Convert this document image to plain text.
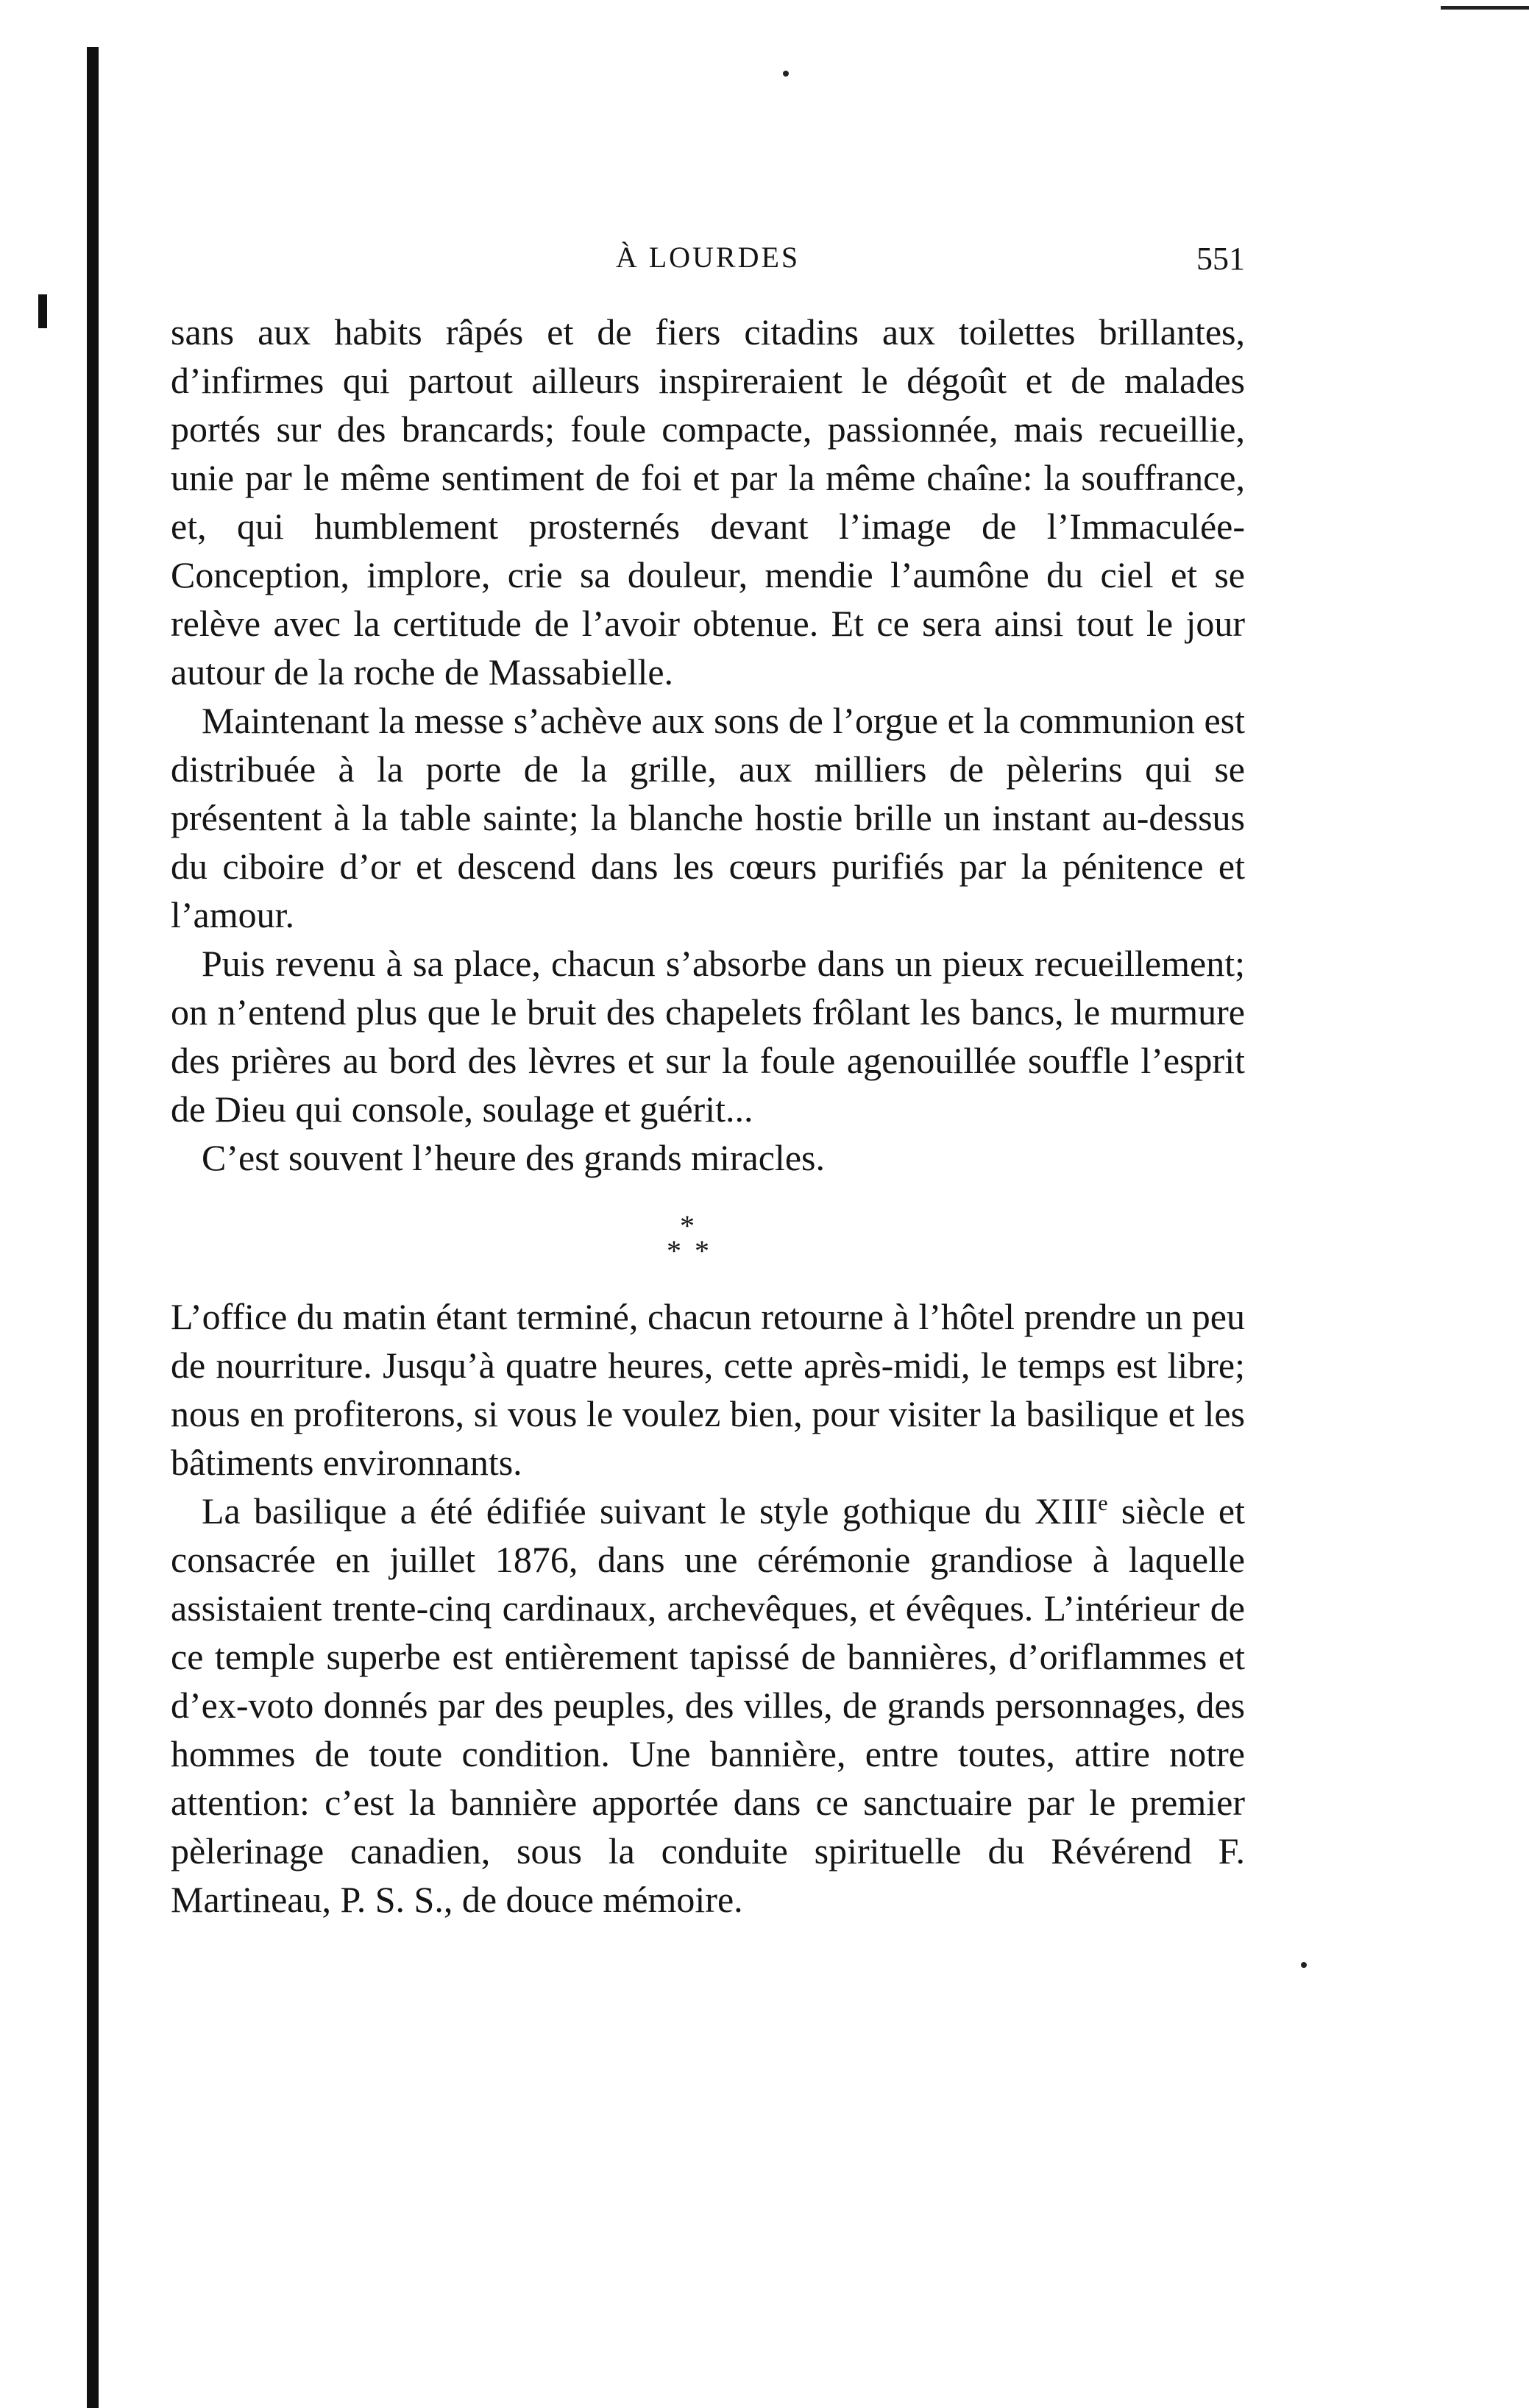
À LOURDES	551

sans aux habits râpés et de fiers citadins aux toilettes brillantes, d’infirmes qui partout ailleurs inspireraient le dégoût et de malades portés sur des brancards; foule compacte, passionnée, mais recueillie, unie par le même sentiment de foi et par la même chaîne: la souffrance, et, qui humblement prosternés devant l’image de l’Immaculée-Conception, implore, crie sa douleur, mendie l’aumône du ciel et se relève avec la certitude de l’avoir obtenue. Et ce sera ainsi tout le jour autour de la roche de Massabielle.

Maintenant la messe s’achève aux sons de l’orgue et la communion est distribuée à la porte de la grille, aux milliers de pèlerins qui se présentent à la table sainte; la blanche hostie brille un instant au-dessus du ciboire d’or et descend dans les cœurs purifiés par la pénitence et l’amour.

Puis revenu à sa place, chacun s’absorbe dans un pieux recueillement; on n’entend plus que le bruit des chapelets frôlant les bancs, le murmure des prières au bord des lèvres et sur la foule agenouillée souffle l’esprit de Dieu qui console, soulage et guérit...

C’est souvent l’heure des grands miracles.

*
* *

L’office du matin étant terminé, chacun retourne à l’hôtel prendre un peu de nourriture. Jusqu’à quatre heures, cette après-midi, le temps est libre; nous en profiterons, si vous le voulez bien, pour visiter la basilique et les bâtiments environnants.

La basilique a été édifiée suivant le style gothique du XIIIe siècle et consacrée en juillet 1876, dans une cérémonie grandiose à laquelle assistaient trente-cinq cardinaux, archevêques, et évêques. L’intérieur de ce temple superbe est entièrement tapissé de bannières, d’oriflammes et d’ex-voto donnés par des peuples, des villes, de grands personnages, des hommes de toute condition. Une bannière, entre toutes, attire notre attention: c’est la bannière apportée dans ce sanctuaire par le premier pèlerinage canadien, sous la conduite spirituelle du Révérend F. Martineau, P. S. S., de douce mémoire.
